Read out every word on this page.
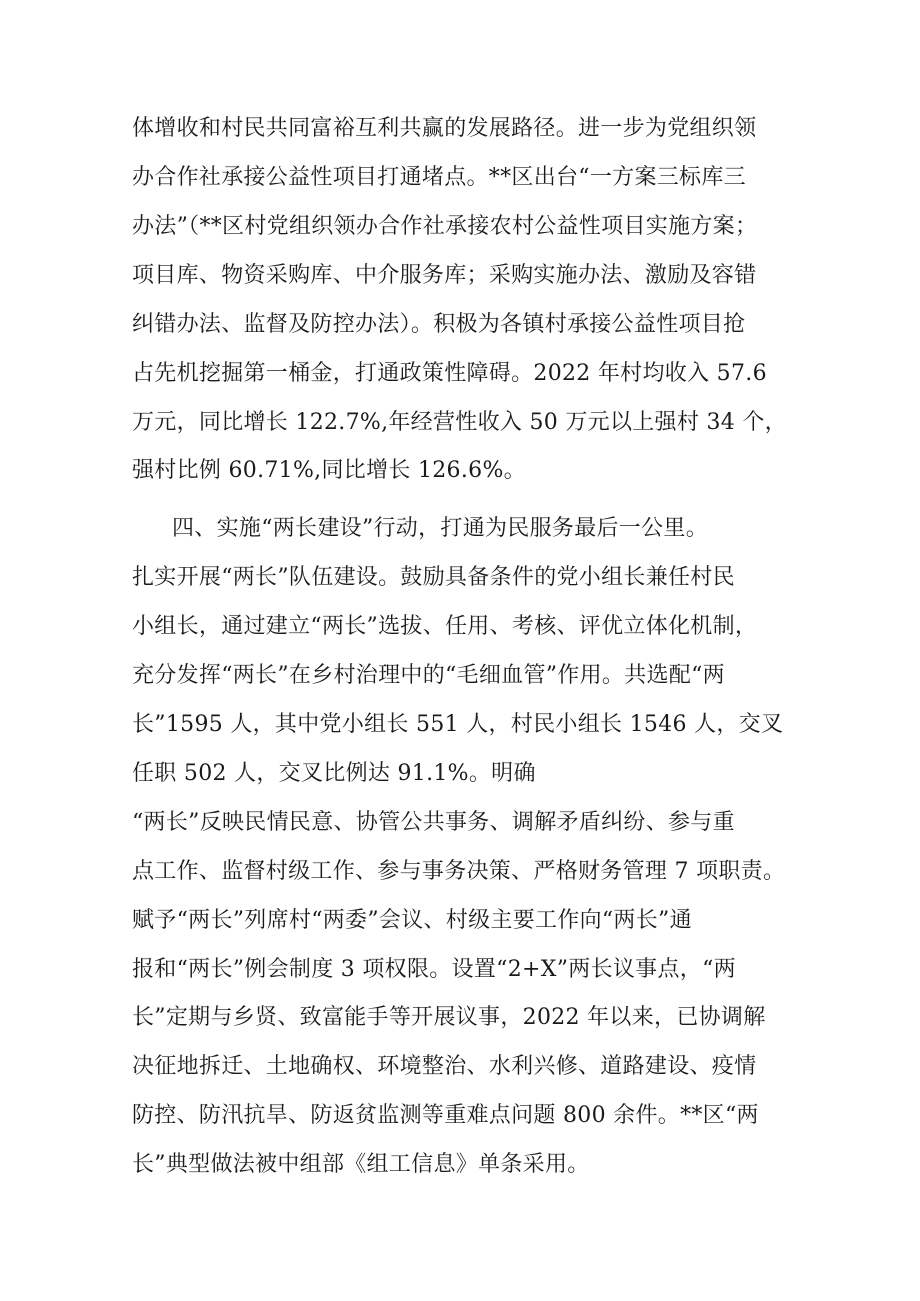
体增收和村民共同富裕互利共赢的发展路径。进一步为党组织领
办合作社承接公益性项目打通堵点。**区出台“一方案三标库三
办法”（**区村党组织领办合作社承接农村公益性项目实施方案；
项目库、物资采购库、中介服务库；采购实施办法、激励及容错
纠错办法、监督及防控办法）。积极为各镇村承接公益性项目抢
占先机挖掘第一桶金，打通政策性障碍。2022 年村均收入 57.6
万元，同比增长 122.7%,年经营性收入 50 万元以上强村 34 个，
强村比例 60.71%,同比增长 126.6%。
四、实施“两长建设”行动，打通为民服务最后一公里。
扎实开展“两长”队伍建设。鼓励具备条件的党小组长兼任村民
小组长，通过建立“两长”选拔、任用、考核、评优立体化机制，
充分发挥“两长”在乡村治理中的“毛细血管”作用。共选配“两
长”1595 人，其中党小组长 551 人，村民小组长 1546 人，交叉
任职 502 人，交叉比例达 91.1%。明确
“两长”反映民情民意、协管公共事务、调解矛盾纠纷、参与重
点工作、监督村级工作、参与事务决策、严格财务管理 7 项职责。
赋予“两长”列席村“两委”会议、村级主要工作向“两长”通
报和“两长”例会制度 3 项权限。设置“2+X”两长议事点，“两
长”定期与乡贤、致富能手等开展议事，2022 年以来，已协调解
决征地拆迁、土地确权、环境整治、水利兴修、道路建设、疫情
防控、防汛抗旱、防返贫监测等重难点问题 800 余件。**区“两
长”典型做法被中组部《组工信息》单条采用。
